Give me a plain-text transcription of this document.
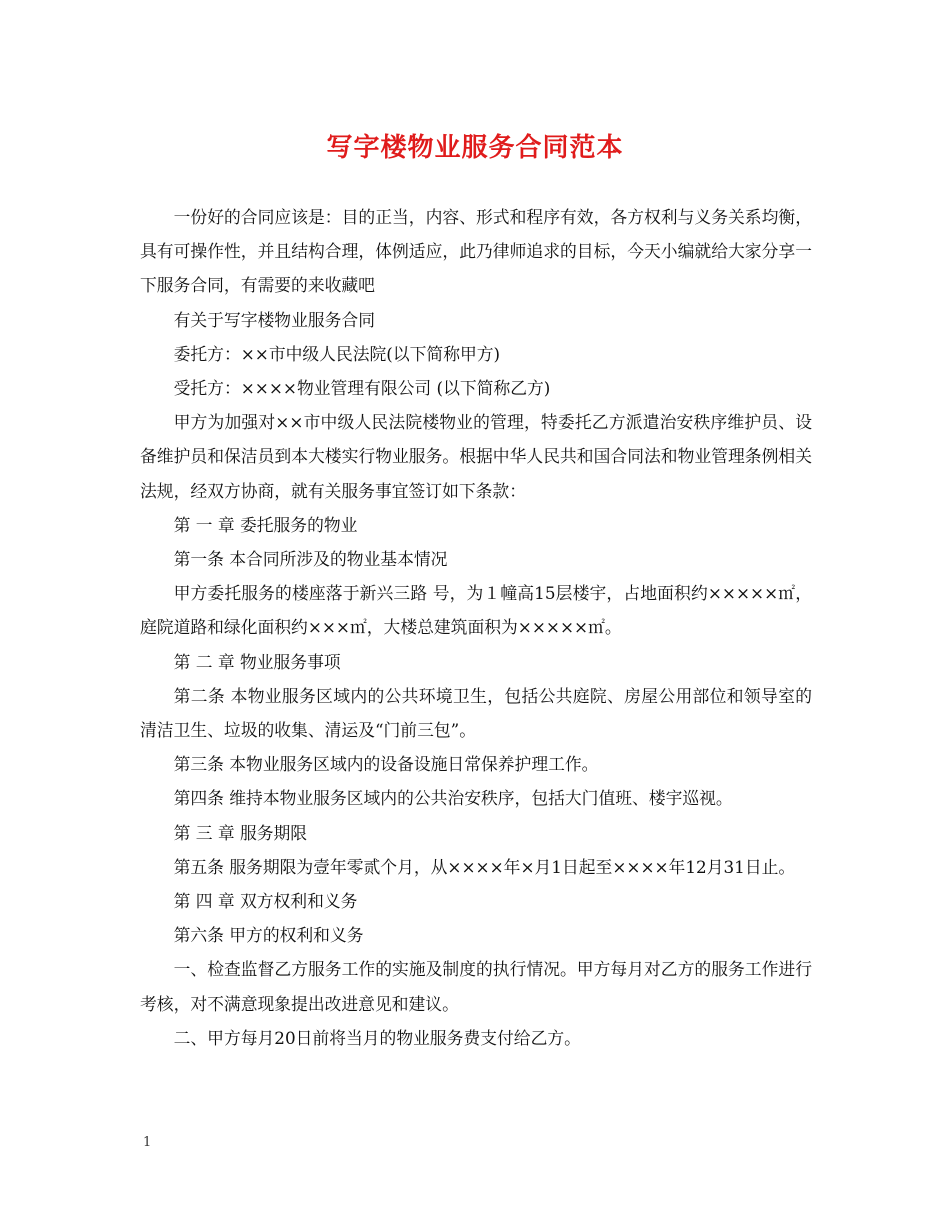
写字楼物业服务合同范本

一份好的合同应该是：目的正当，内容、形式和程序有效，各方权利与义务关系均衡，具有可操作性，并且结构合理，体例适应，此乃律师追求的目标，今天小编就给大家分享一下服务合同，有需要的来收藏吧

有关于写字楼物业服务合同

委托方：××市中级人民法院(以下简称甲方)

受托方：××××物业管理有限公司 (以下简称乙方)

甲方为加强对××市中级人民法院楼物业的管理，特委托乙方派遣治安秩序维护员、设备维护员和保洁员到本大楼实行物业服务。根据中华人民共和国合同法和物业管理条例相关法规，经双方协商，就有关服务事宜签订如下条款：

第 一 章 委托服务的物业

第一条 本合同所涉及的物业基本情况

甲方委托服务的楼座落于新兴三路 号，为１幢高15层楼宇，占地面积约×××××㎡，庭院道路和绿化面积约×××㎡，大楼总建筑面积为×××××㎡。

第 二 章 物业服务事项

第二条 本物业服务区域内的公共环境卫生，包括公共庭院、房屋公用部位和领导室的清洁卫生、垃圾的收集、清运及“门前三包”。

第三条 本物业服务区域内的设备设施日常保养护理工作。

第四条 维持本物业服务区域内的公共治安秩序，包括大门值班、楼宇巡视。

第 三 章 服务期限

第五条 服务期限为壹年零贰个月，从××××年×月1日起至××××年12月31日止。

第 四 章 双方权利和义务

第六条 甲方的权利和义务

一、检查监督乙方服务工作的实施及制度的执行情况。甲方每月对乙方的服务工作进行考核，对不满意现象提出改进意见和建议。

二、甲方每月20日前将当月的物业服务费支付给乙方。

1
